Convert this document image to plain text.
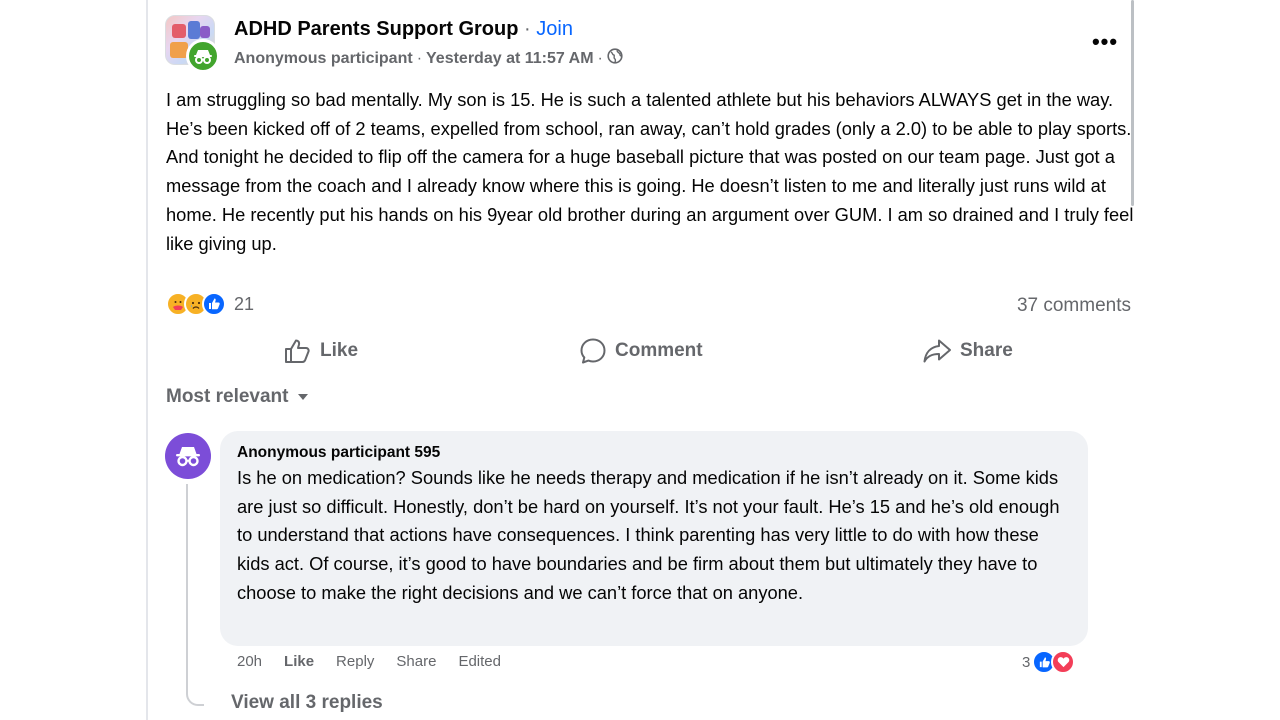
ADHD Parents Support Group · Join
Anonymous participant · Yesterday at 11:57 AM ·
•••
I am struggling so bad mentally. My son is 15. He is such a talented athlete but his behaviors ALWAYS get in the way. He’s been kicked off of 2 teams, expelled from school, ran away, can’t hold grades (only a 2.0) to be able to play sports. And tonight he decided to flip off the camera for a huge baseball picture that was posted on our team page. Just got a message from the coach and I already know where this is going. He doesn’t listen to me and literally just runs wild at home. He recently put his hands on his 9year old brother during an argument over GUM. I am so drained and I truly feel like giving up.
21	37 comments
Like	Comment	Share
Most relevant
Anonymous participant 595
Is he on medication? Sounds like he needs therapy and medication if he isn’t already on it. Some kids are just so difficult. Honestly, don’t be hard on yourself. It’s not your fault. He’s 15 and he’s old enough to understand that actions have consequences. I think parenting has very little to do with how these kids act. Of course, it’s good to have boundaries and be firm about them but ultimately they have to choose to make the right decisions and we can’t force that on anyone.
20h Like Reply Share Edited	3
View all 3 replies
